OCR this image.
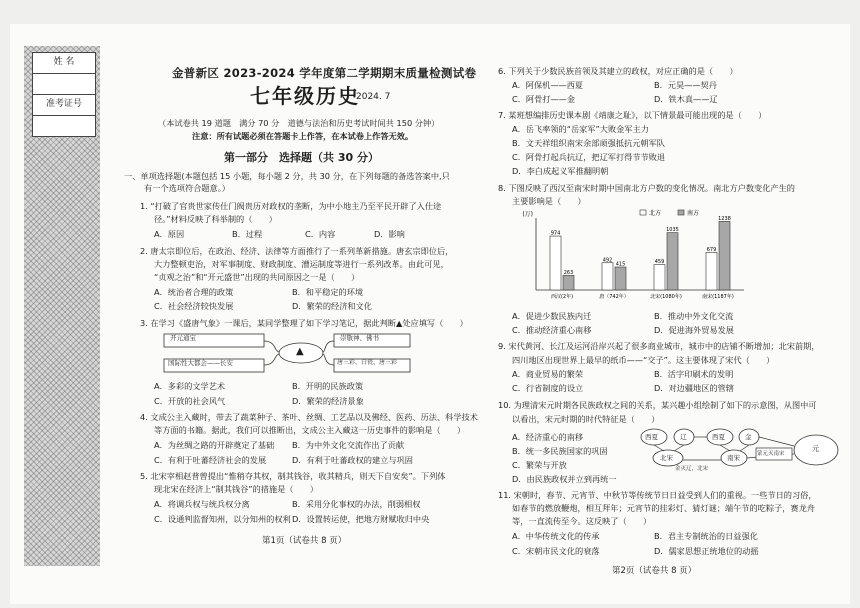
姓 名
准考证号
金普新区 2023-2024 学年度第二学期期末质量检测试卷
七年级历史
2024. 7
（本试卷共 19 道题　满分 70 分　道德与法治和历史考试时间共 150 分钟）
注意：所有试题必须在答题卡上作答，在本试卷上作答无效。
第一部分　选择题（共 30 分）
一、单项选择题(本题包括 15 小题，每小题 2 分，共 30 分，在下列每题的备选答案中,只
有一个选项符合题意。）
1. “打破了官贵世家传仕门阀贵历对政权的垄断，为中小地主乃至平民开辟了入仕途
径。”材料反映了科举制的（　　）
A．原因	B．过程	C．内容	D．影响
2. 唐太宗即位后，在政治、经济、法律等方面推行了一系列革新措施。唐玄宗即位后，
大力整顿吏治，对军事制度、财政制度、漕运制度等进行一系列改革。由此可见，
“贞观之治”和“开元盛世”出现的共同原因之一是（　　）
A．统治者合理的政策	B．和平稳定的环境
C．社会经济较快发展	D．繁荣的经济和文化
3. 在学习《盛唐气象》一课后，某同学整理了如下学习笔记，据此判断▲处应填写（　　）
开元通宝
国际性大都会——长安
崇敬神、佛书
唐三彩、白瓷、唐三彩
▲
A．多彩的文学艺术	B．开明的民族政策
C．开放的社会风气	D．繁荣的经济景象
4. 文成公主入藏时，带去了蔬菜种子、茶叶、丝绸、工艺品以及佛经、医药、历法、科学技术
等方面的书籍。据此，我们可以推断出，文成公主入藏这一历史事件的影响是（　　）
A．为丝绸之路的开辟奠定了基础 B．为中外文化交流作出了贡献
C．有利于吐蕃经济社会的发展	D．有利于吐蕃政权的建立与巩固
5. 北宋宰相赵普曾提出“惟稍夺其权，制其钱谷，收其精兵，则天下自安矣”。下列体
现北宋在经济上“制其钱谷”的措施是（　　）
A．将调兵权与统兵权分离	B．采用分化事权的办法，削弱相权
C．设通判监督知州，以分知州的权利 D．设置转运使，把地方财赋收归中央
第1页（试卷共 8 页）
6. 下列关于少数民族首领及其建立的政权，对应正确的是（　　）
A．阿保机——西夏	B．元昊——契丹
C．阿骨打——金	D．铁木真——辽
7. 某班想编排历史课本剧《靖康之耻》，以下情景最可能出现的是（　　）
A．岳飞率领的“岳家军”大败金军主力
B．文天祥组织南宋余部顽强抵抗元朝军队
C．阿骨打起兵抗辽，把辽军打得节节败退
D．李白成起义军推翻明朝
8. 下图反映了西汉至南宋时期中国南北方户数的变化情况。南北方户数变化产生的
主要影响是（　　）
(万)
974
263
西汉(2年)
492
415
唐（742年）
459
1035
北宋(1080年)
679
1238
南宋(1187年)
北方	南方
A．促进少数民族内迁	B．推动中外文化交流
C．推动经济重心南移	D．促进海外贸易发展
9. 宋代黄河、长江及运河沿岸兴起了很多商业城市，城市中的店铺不断增加；北宋前期，
四川地区出现世界上最早的纸币——“交子”。这主要体现了宋代（　　）
A．商业贸易的繁荣	B．活字印刷术的发明
C．行省制度的设立	D．对边疆地区的管辖
10. 为理清宋元时期各民族政权之间的关系，某兴趣小组绘制了如下的示意图，从图中可
以看出，宋元时期的时代特征是（　　）
西夏	辽
北宋
西夏	金
南宋
元
金灭辽，北宋
蒙元灭南宋
A．经济重心的南移
B．统一多民族国家的巩固
C．繁荣与开放
D．由民族政权并立到再统一
11. 宋朝时，春节、元宵节、中秋节等传统节日日益受到人们的重视。一些节日的习俗，
如春节的燃放鞭炮，相互拜年；元宵节的挂彩灯、猜灯谜；端午节的吃粽子，赛龙舟
等，一直流传至今。这反映了（　　）
A．中华传统文化的传承	B．君主专制统治的日益强化
C．宋朝市民文化的衰落	D．儒家思想正统地位的动摇
第2页（试卷共 8 页）
